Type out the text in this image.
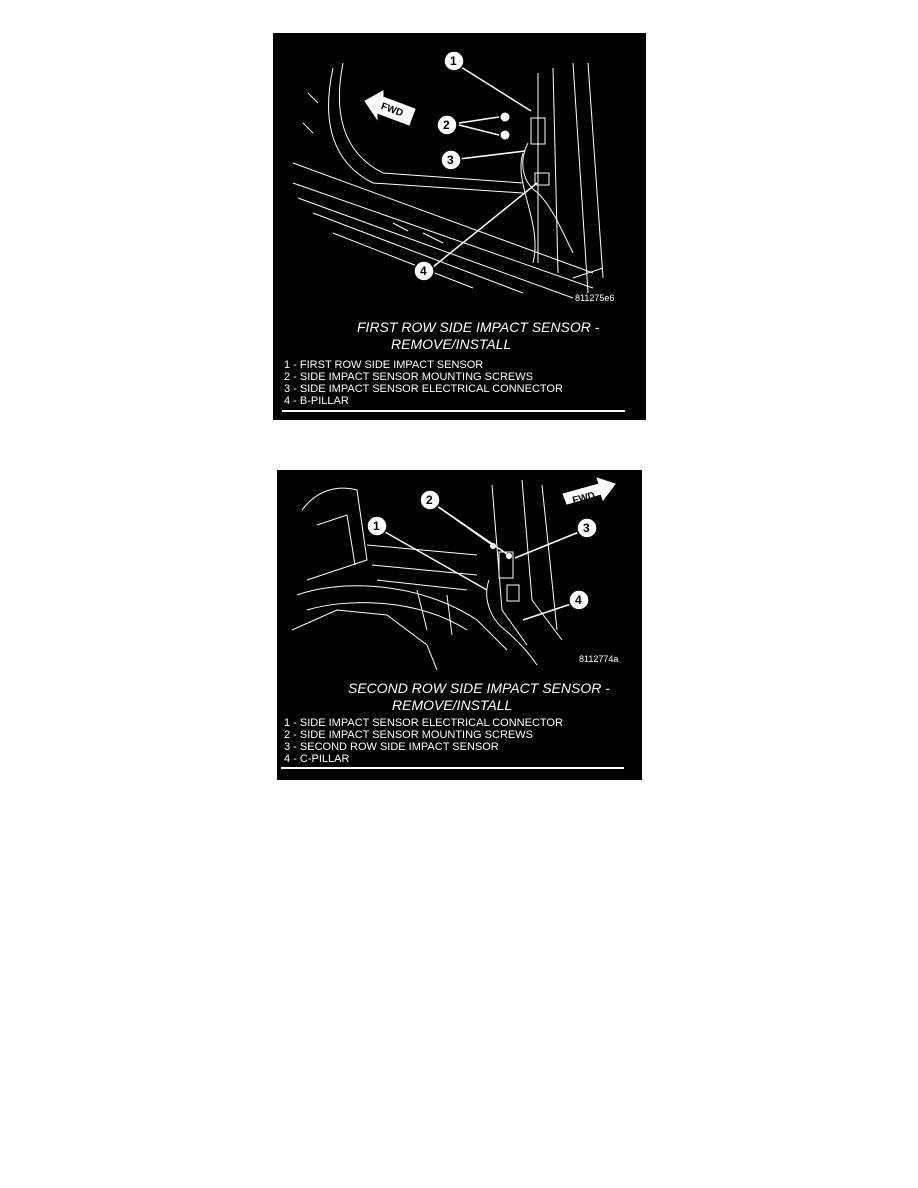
FWD
1
2
3
4
811275e6
FIRST ROW SIDE IMPACT SENSOR -
REMOVE/INSTALL
1 - FIRST ROW SIDE IMPACT SENSOR
2 - SIDE IMPACT SENSOR MOUNTING SCREWS
3 - SIDE IMPACT SENSOR ELECTRICAL CONNECTOR
4 - B-PILLAR
FWD
2
1	3
4
8112774a
SECOND ROW SIDE IMPACT SENSOR -
REMOVE/INSTALL
1 - SIDE IMPACT SENSOR ELECTRICAL CONNECTOR
2 - SIDE IMPACT SENSOR MOUNTING SCREWS
3 - SECOND ROW SIDE IMPACT SENSOR
4 - C-PILLAR
